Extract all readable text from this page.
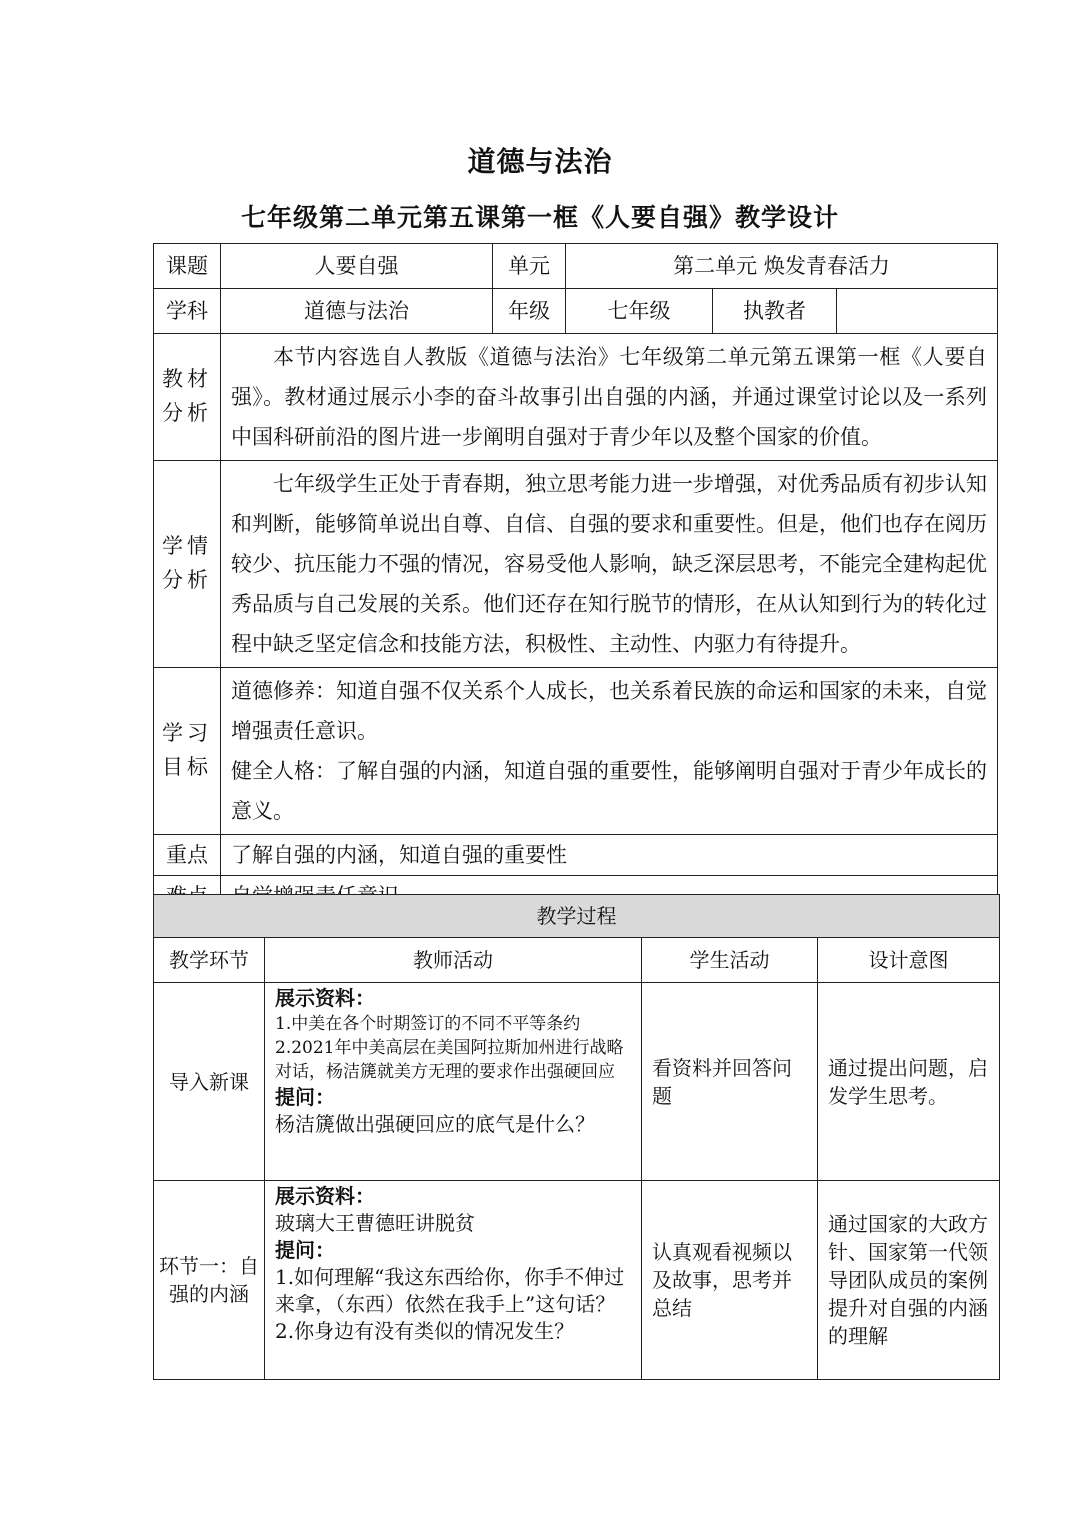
道德与法治
七年级第二单元第五课第一框《人要自强》教学设计
课题	人要自强	单元	第二单元 焕发青春活力		
学科	道德与法治	年级	七年级	执教者	
教材分析	本节内容选自人教版《道德与法治》七年级第二单元第五课第一框《人要自强》。教材通过展示小李的奋斗故事引出自强的内涵，并通过课堂讨论以及一系列中国科研前沿的图片进一步阐明自强对于青少年以及整个国家的价值。				

学情分析	七年级学生正处于青春期，独立思考能力进一步增强，对优秀品质有初步认知和判断，能够简单说出自尊、自信、自强的要求和重要性。但是，他们也存在阅历较少、抗压能力不强的情况，容易受他人影响，缺乏深层思考，不能完全建构起优秀品质与自己发展的关系。他们还存在知行脱节的情形，在从认知到行为的转化过程中缺乏坚定信念和技能方法，积极性、主动性、内驱力有待提升。				

学习目标	道德修养：知道自强不仅关系个人成长，也关系着民族的命运和国家的未来，自觉增强责任意识。

健全人格：了解自强的内涵，知道自强的重要性，能够阐明自强对于青少年成长的意义。				

重点	了解自强的内涵，知道自强的重要性				

教学过程			
教学环节	教师活动	学生活动	设计意图
导入新课	展示资料：
1.中美在各个时期签订的不同不平等条约
2.2021年中美高层在美国阿拉斯加州进行战略对话，杨洁篪就美方无理的要求作出强硬回应
提问：
杨洁篪做出强硬回应的底气是什么？	看资料并回答问题	通过提出问题，启发学生思考。
环节一：自强的内涵	展示资料：
玻璃大王曹德旺讲脱贫
提问：
1.如何理解“我这东西给你，你手不伸过来拿，（东西）依然在我手上”这句话？
2.你身边有没有类似的情况发生？	认真观看视频以及故事，思考并总结	通过国家的大政方针、国家第一代领导团队成员的案例提升对自强的内涵的理解
